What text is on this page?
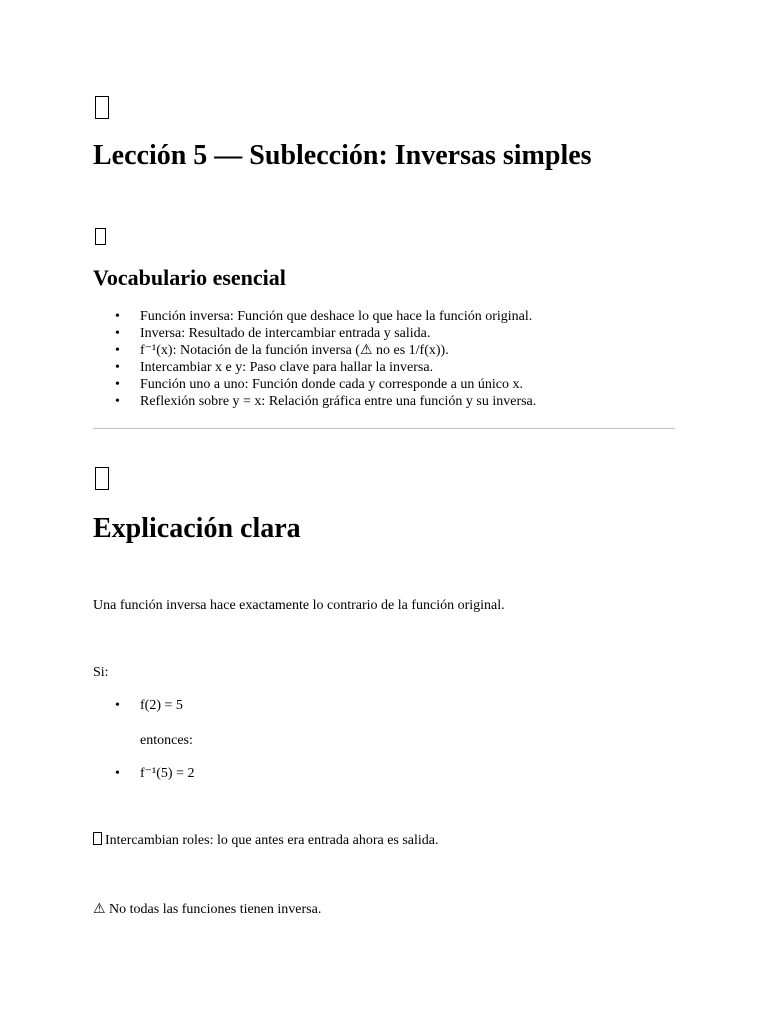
Lección 5 — Sublección: Inversas simples
Vocabulario esencial
• Función inversa: Función que deshace lo que hace la función original.
• Inversa: Resultado de intercambiar entrada y salida.
• f⁻¹(x): Notación de la función inversa (⚠ no es 1/f(x)).
• Intercambiar x e y: Paso clave para hallar la inversa.
• Función uno a uno: Función donde cada y corresponde a un único x.
• Reflexión sobre y = x: Relación gráfica entre una función y su inversa.
Explicación clara

Una función inversa hace exactamente lo contrario de la función original.

Si:

• f(2) = 5

entonces:

• f⁻¹(5) = 2

Intercambian roles: lo que antes era entrada ahora es salida.

⚠ No todas las funciones tienen inversa.
